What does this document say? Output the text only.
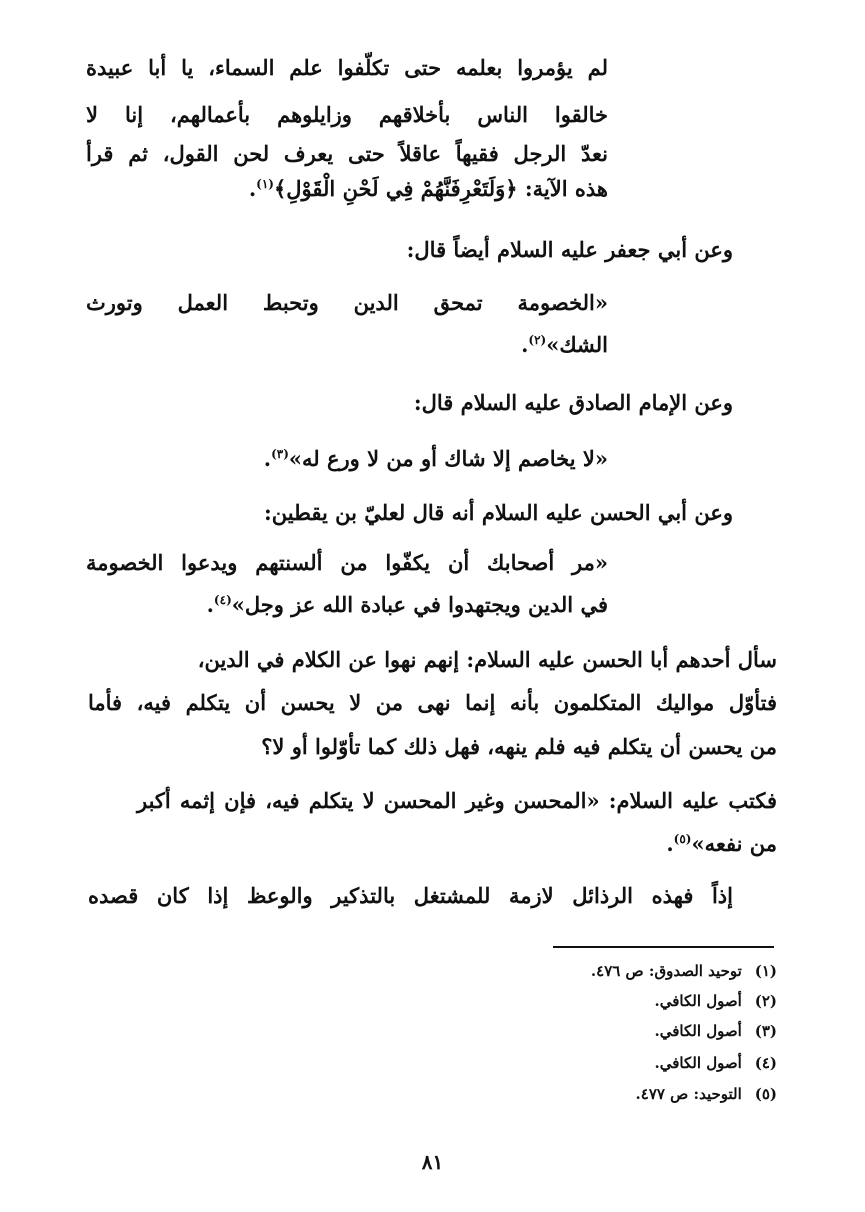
لم يؤمروا بعلمه حتى تكلّفوا علم السماء، يا أبا عبيدة

خالقوا الناس بأخلاقهم وزايلوهم بأعمالهم، إنا لا

نعدّ الرجل فقيهاً عاقلاً حتى يعرف لحن القول، ثم قرأ

هذه الآية: ﴿وَلَتَعْرِفَنَّهُمْ فِي لَحْنِ الْقَوْلِ﴾$^{(١)}$.

وعن أبي جعفر عليه السلام أيضاً قال:

«الخصومة تمحق الدين وتحبط العمل وتورث

الشك»$^{(٢)}$.

وعن الإمام الصادق عليه السلام قال:

«لا يخاصم إلا شاك أو من لا ورع له»$^{(٣)}$.

وعن أبي الحسن عليه السلام أنه قال لعليّ بن يقطين:

«مر أصحابك أن يكفّوا من ألسنتهم ويدعوا الخصومة

في الدين ويجتهدوا في عبادة الله عز وجل»$^{(٤)}$.

سأل أحدهم أبا الحسن عليه السلام: إنهم نهوا عن الكلام في الدين،

فتأوّل مواليك المتكلمون بأنه إنما نهى من لا يحسن أن يتكلم فيه، فأما

من يحسن أن يتكلم فيه فلم ينهه، فهل ذلك كما تأوّلوا أو لا؟

فكتب عليه السلام: «المحسن وغير المحسن لا يتكلم فيه، فإن إثمه أكبر

من نفعه»$^{(٥)}$.

إذاً فهذه الرذائل لازمة للمشتغل بالتذكير والوعظ إذا كان قصده

(١) توحيد الصدوق: ص ٤٧٦.
(٢) أصول الكافي.
(٣) أصول الكافي.
(٤) أصول الكافي.
(٥) التوحيد: ص ٤٧٧.
٨١
